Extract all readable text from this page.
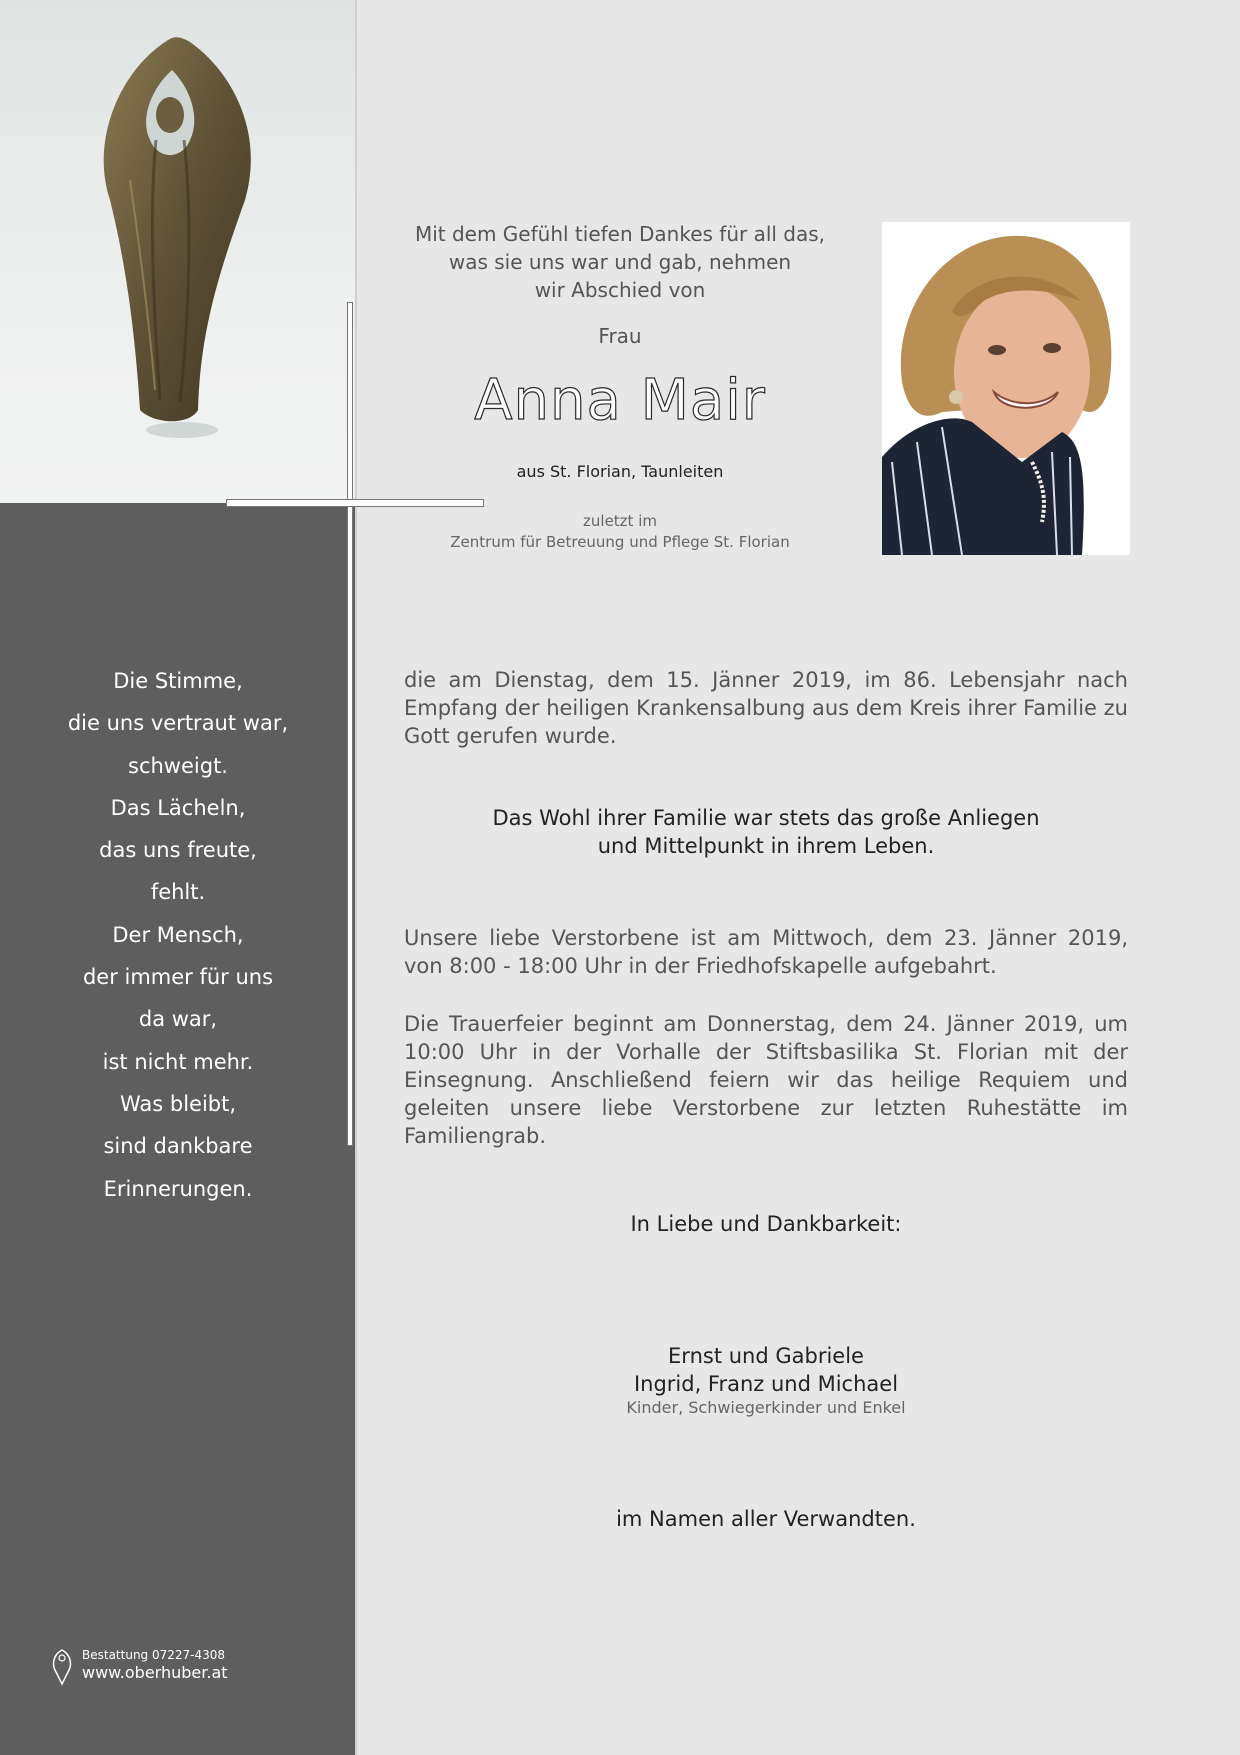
Die Stimme,
die uns vertraut war,
schweigt.
Das Lächeln,
das uns freute,
fehlt.
Der Mensch,
der immer für uns
da war,
ist nicht mehr.
Was bleibt,
sind dankbare
Erinnerungen.
Mit dem Gefühl tiefen Dankes für all das,
was sie uns war und gab, nehmen
wir Abschied von
Frau
Anna Mair
aus St. Florian, Taunleiten
zuletzt im
Zentrum für Betreuung und Pflege St. Florian
die am Dienstag, dem 15. Jänner 2019, im 86. Lebensjahr nach Empfang der heiligen Krankensalbung aus dem Kreis ihrer Familie zu Gott gerufen wurde.
Das Wohl ihrer Familie war stets das große Anliegen
und Mittelpunkt in ihrem Leben.
Unsere liebe Verstorbene ist am Mittwoch, dem 23. Jänner 2019, von 8:00 - 18:00 Uhr in der Friedhofskapelle aufgebahrt.
Die Trauerfeier beginnt am Donnerstag, dem 24. Jänner 2019, um 10:00 Uhr in der Vorhalle der Stiftsbasilika St. Florian mit der Einsegnung. Anschließend feiern wir das heilige Requiem und geleiten unsere liebe Verstorbene zur letzten Ruhestätte im Familiengrab.
In Liebe und Dankbarkeit:
Ernst und Gabriele
Ingrid, Franz und Michael
Kinder, Schwiegerkinder und Enkel
im Namen aller Verwandten.
Bestattung 07227-4308
www.oberhuber.at
